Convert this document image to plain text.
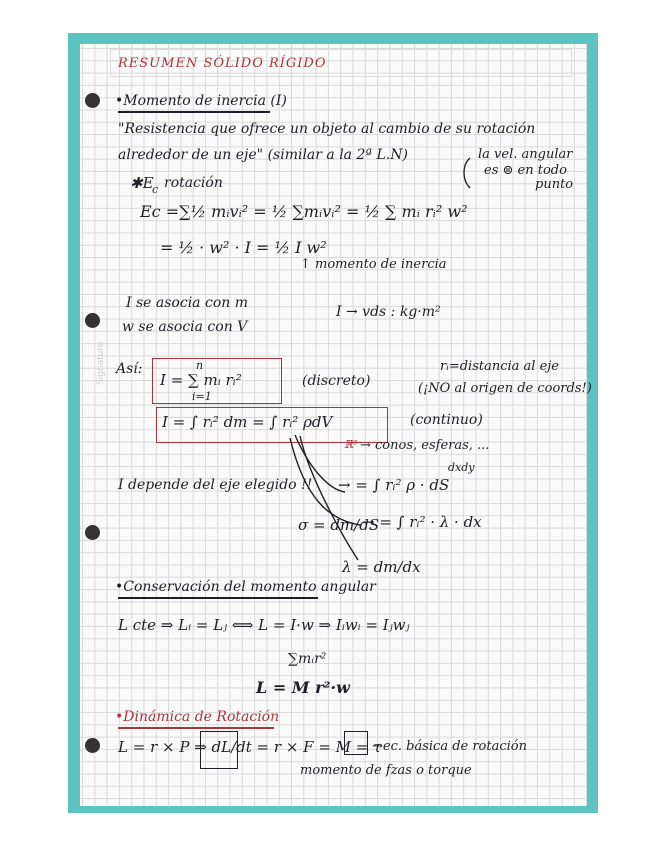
RESUMEN SÓLIDO RÍGIDO
•Momento de inercia (I)
"Resistencia que ofrece un objeto al cambio de su rotación
alrededor de un eje" (similar a la 2ª L.N)	la vel. angular
es ⊜ en todo
punto
✱E
c rotación
Ec =∑½ mᵢvᵢ² = ½ ∑mᵢvᵢ² = ½ ∑ mᵢ rᵢ² w²
= ½ · w² · I = ½ I w²
↑ momento de inercia
I se asocia con m
w se asocia con V
I → vds : kg·m²
Así:	n
I = ∑ mᵢ rᵢ²
i=1
(discreto)
rᵢ=distancia al eje
(¡NO al origen de coords!)
I = ∫ rᵢ² dm = ∫ rᵢ² ρdV	(continuo)
ℝ³ → conos, esferas, ...
dxdy
I depende del eje elegido !! → = ∫ rᵢ² ρ · dS
σ = dm/dS
→ = ∫ rᵢ² · λ · dx
λ = dm/dx
•Conservación del momento angular
L cte ⇒ Lᵢ = Lⱼ ⟺ L = I·w ⇒ Iᵢwᵢ = Iⱼwⱼ
∑mᵢr²
L = M r²·w
•Dinámica de Rotación
L = r × P ⇒ dL/dt = r × F = M = τ
→ec. básica de rotación
momento de fzas o torque
Signature
